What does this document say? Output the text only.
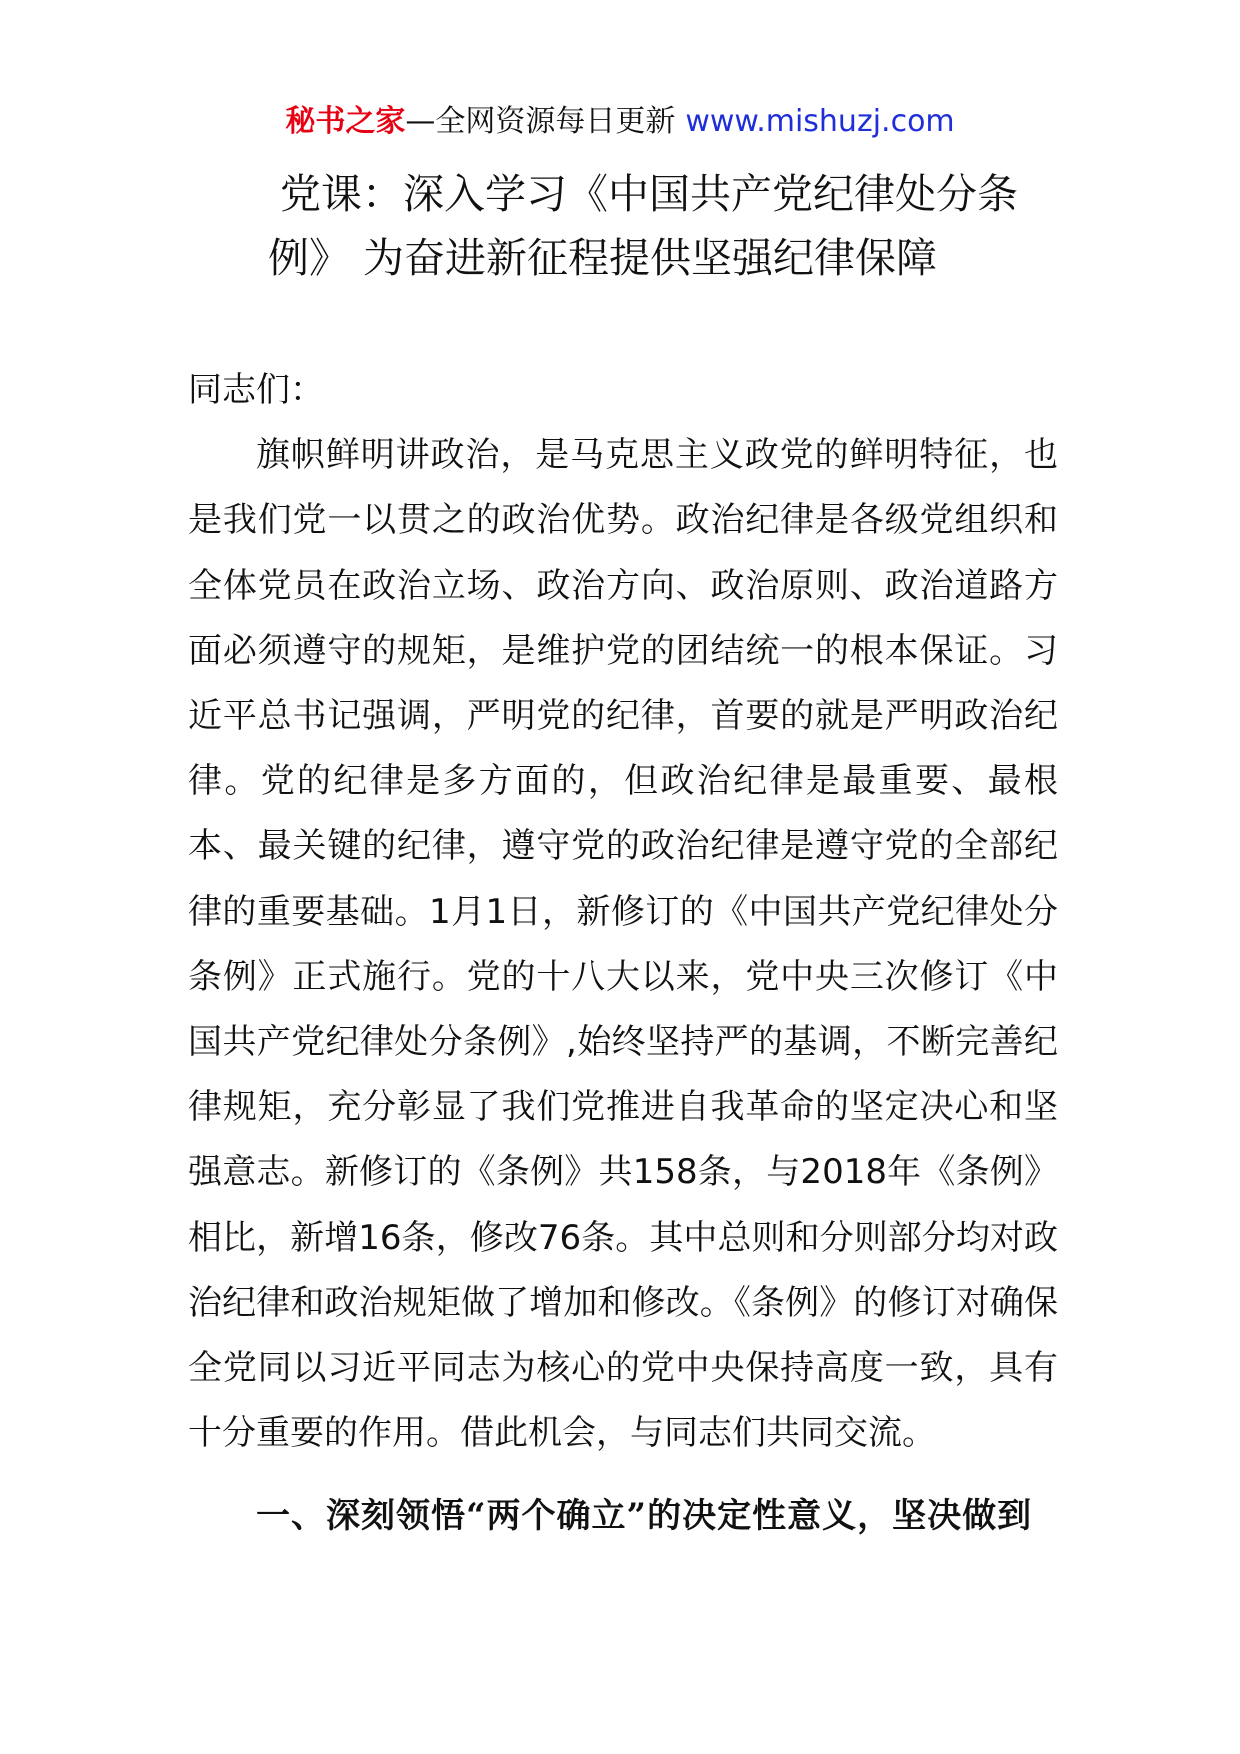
秘书之家—全网资源每日更新 www.mishuzj.com
党课：深入学习《中国共产党纪律处分条
例》 为奋进新征程提供坚强纪律保障

同志们：

旗帜鲜明讲政治，是马克思主义政党的鲜明特征，也是我们党一以贯之的政治优势。政治纪律是各级党组织和全体党员在政治立场、政治方向、政治原则、政治道路方面必须遵守的规矩，是维护党的团结统一的根本保证。习近平总书记强调，严明党的纪律，首要的就是严明政治纪律。党的纪律是多方面的，但政治纪律是最重要、最根本、最关键的纪律，遵守党的政治纪律是遵守党的全部纪律的重要基础。1月1日，新修订的《中国共产党纪律处分条例》正式施行。党的十八大以来，党中央三次修订《中国共产党纪律处分条例》,始终坚持严的基调，不断完善纪律规矩，充分彰显了我们党推进自我革命的坚定决心和坚强意志。新修订的《条例》共158条，与2018年《条例》相比，新增16条，修改76条。其中总则和分则部分均对政治纪律和政治规矩做了增加和修改。《条例》的修订对确保全党同以习近平同志为核心的党中央保持高度一致，具有十分重要的作用。借此机会，与同志们共同交流。

一、深刻领悟“两个确立”的决定性意义，坚决做到
